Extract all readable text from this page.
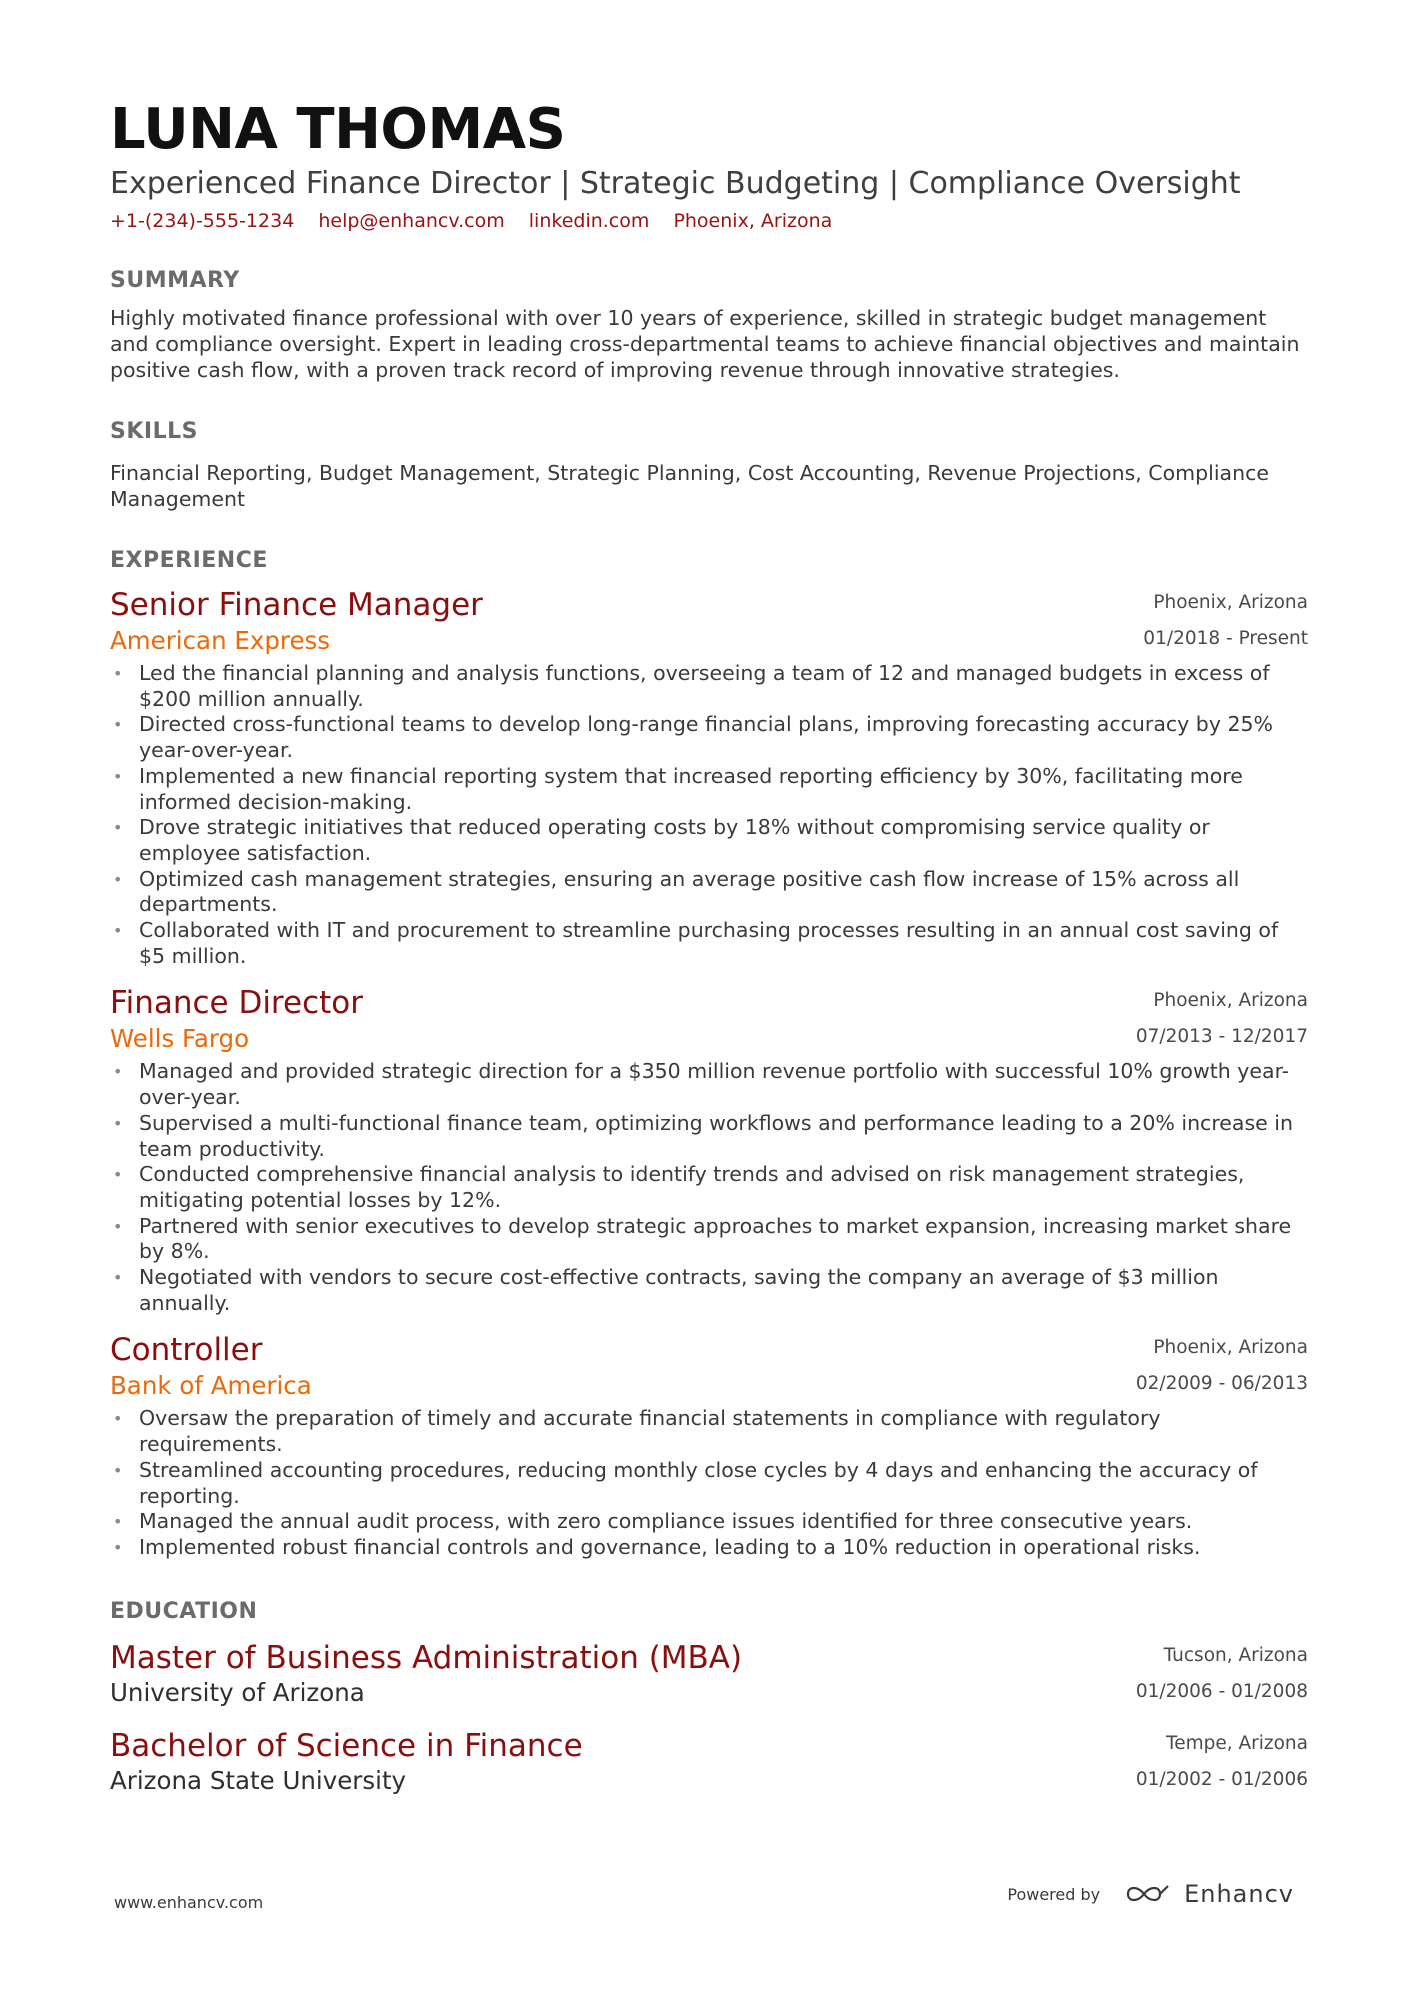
LUNA THOMAS
Experienced Finance Director | Strategic Budgeting | Compliance Oversight
+1-(234)-555-1234 help@enhancv.com linkedin.com Phoenix, Arizona
SUMMARY
Highly motivated finance professional with over 10 years of experience, skilled in strategic budget management and compliance oversight. Expert in leading cross-departmental teams to achieve financial objectives and maintain positive cash flow, with a proven track record of improving revenue through innovative strategies.
SKILLS
Financial Reporting, Budget Management, Strategic Planning, Cost Accounting, Revenue Projections, Compliance Management
EXPERIENCE
Senior Finance Manager
American Express
Phoenix, Arizona
01/2018 - Present
• Led the financial planning and analysis functions, overseeing a team of 12 and managed budgets in excess of $200 million annually.
• Directed cross-functional teams to develop long-range financial plans, improving forecasting accuracy by 25% year-over-year.
• Implemented a new financial reporting system that increased reporting efficiency by 30%, facilitating more informed decision-making.
• Drove strategic initiatives that reduced operating costs by 18% without compromising service quality or employee satisfaction.
• Optimized cash management strategies, ensuring an average positive cash flow increase of 15% across all departments.
• Collaborated with IT and procurement to streamline purchasing processes resulting in an annual cost saving of $5 million.
Finance Director
Wells Fargo
Phoenix, Arizona
07/2013 - 12/2017
• Managed and provided strategic direction for a $350 million revenue portfolio with successful 10% growth year-over-year.
• Supervised a multi-functional finance team, optimizing workflows and performance leading to a 20% increase in team productivity.
• Conducted comprehensive financial analysis to identify trends and advised on risk management strategies, mitigating potential losses by 12%.
• Partnered with senior executives to develop strategic approaches to market expansion, increasing market share by 8%.
• Negotiated with vendors to secure cost-effective contracts, saving the company an average of $3 million annually.
Controller
Bank of America
Phoenix, Arizona
02/2009 - 06/2013
• Oversaw the preparation of timely and accurate financial statements in compliance with regulatory requirements.
• Streamlined accounting procedures, reducing monthly close cycles by 4 days and enhancing the accuracy of reporting.
• Managed the annual audit process, with zero compliance issues identified for three consecutive years.
• Implemented robust financial controls and governance, leading to a 10% reduction in operational risks.
EDUCATION
Master of Business Administration (MBA)
University of Arizona
Tucson, Arizona
01/2006 - 01/2008
Bachelor of Science in Finance
Arizona State University
Tempe, Arizona
01/2002 - 01/2006
www.enhancv.com	Powered by	Enhancv
